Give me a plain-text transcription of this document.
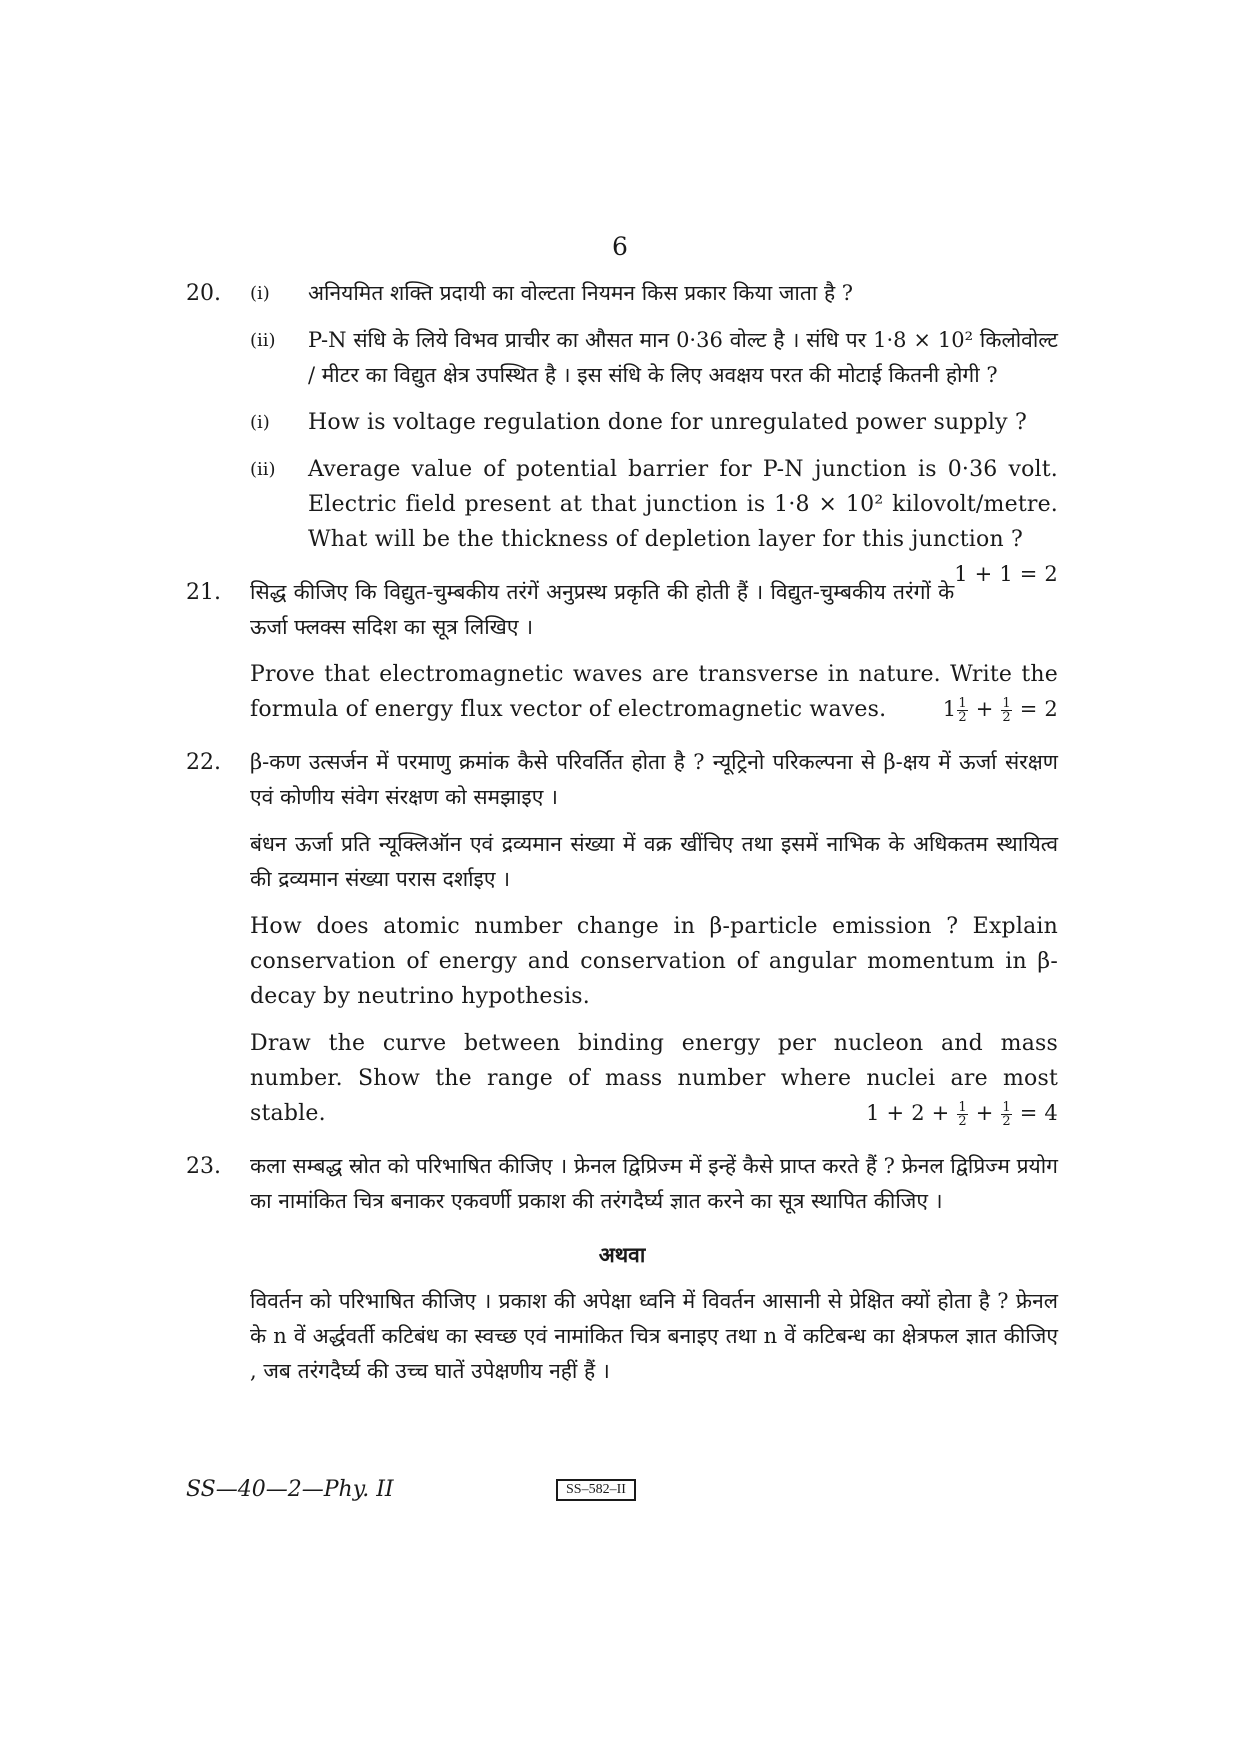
6
20.	(i) अनियमित शक्ति प्रदायी का वोल्टता नियमन किस प्रकार किया जाता है ?
(ii) P-N संधि के लिये विभव प्राचीर का औसत मान 0·36 वोल्ट है । संधि पर 1·8 × 10² किलोवोल्ट / मीटर का विद्युत क्षेत्र उपस्थित है । इस संधि के लिए अवक्षय परत की मोटाई कितनी होगी ?
(i) How is voltage regulation done for unregulated power supply ?
(ii) Average value of potential barrier for P-N junction is 0·36 volt. Electric field present at that junction is 1·8 × 10² kilovolt/metre. What will be the thickness of depletion layer for this junction ?
1 + 1 = 2
21.	सिद्ध कीजिए कि विद्युत-चुम्बकीय तरंगें अनुप्रस्थ प्रकृति की होती हैं । विद्युत-चुम्बकीय तरंगों के ऊर्जा फ्लक्स सदिश का सूत्र लिखिए ।
Prove that electromagnetic waves are transverse in nature. Write the formula of energy flux vector of electromagnetic waves.	$1 \frac{1}{2} + \frac{1}{2} = 2$
22.	β-कण उत्सर्जन में परमाणु क्रमांक कैसे परिवर्तित होता है ? न्यूट्रिनो परिकल्पना से β-क्षय में ऊर्जा संरक्षण एवं कोणीय संवेग संरक्षण को समझाइए ।
बंधन ऊर्जा प्रति न्यूक्लिऑन एवं द्रव्यमान संख्या में वक्र खींचिए तथा इसमें नाभिक के अधिकतम स्थायित्व की द्रव्यमान संख्या परास दर्शाइए ।
How does atomic number change in β-particle emission ? Explain conservation of energy and conservation of angular momentum in β-decay by neutrino hypothesis.
Draw the curve between binding energy per nucleon and mass number. Show the range of mass number where nuclei are most stable.	$1 + 2 + \frac{1}{2} + \frac{1}{2} = 4$
23.	कला सम्बद्ध स्रोत को परिभाषित कीजिए । फ्रेनल द्विप्रिज्म में इन्हें कैसे प्राप्त करते हैं ? फ्रेनल द्विप्रिज्म प्रयोग का नामांकित चित्र बनाकर एकवर्णी प्रकाश की तरंगदैर्घ्य ज्ञात करने का सूत्र स्थापित कीजिए ।
अथवा
विवर्तन को परिभाषित कीजिए । प्रकाश की अपेक्षा ध्वनि में विवर्तन आसानी से प्रेक्षित क्यों होता है ? फ्रेनल के n वें अर्द्धवर्ती कटिबंध का स्वच्छ एवं नामांकित चित्र बनाइए तथा n वें कटिबन्ध का क्षेत्रफल ज्ञात कीजिए , जब तरंगदैर्घ्य की उच्च घातें उपेक्षणीय नहीं हैं ।
SS—40—2—Phy. II	SS–582–II
